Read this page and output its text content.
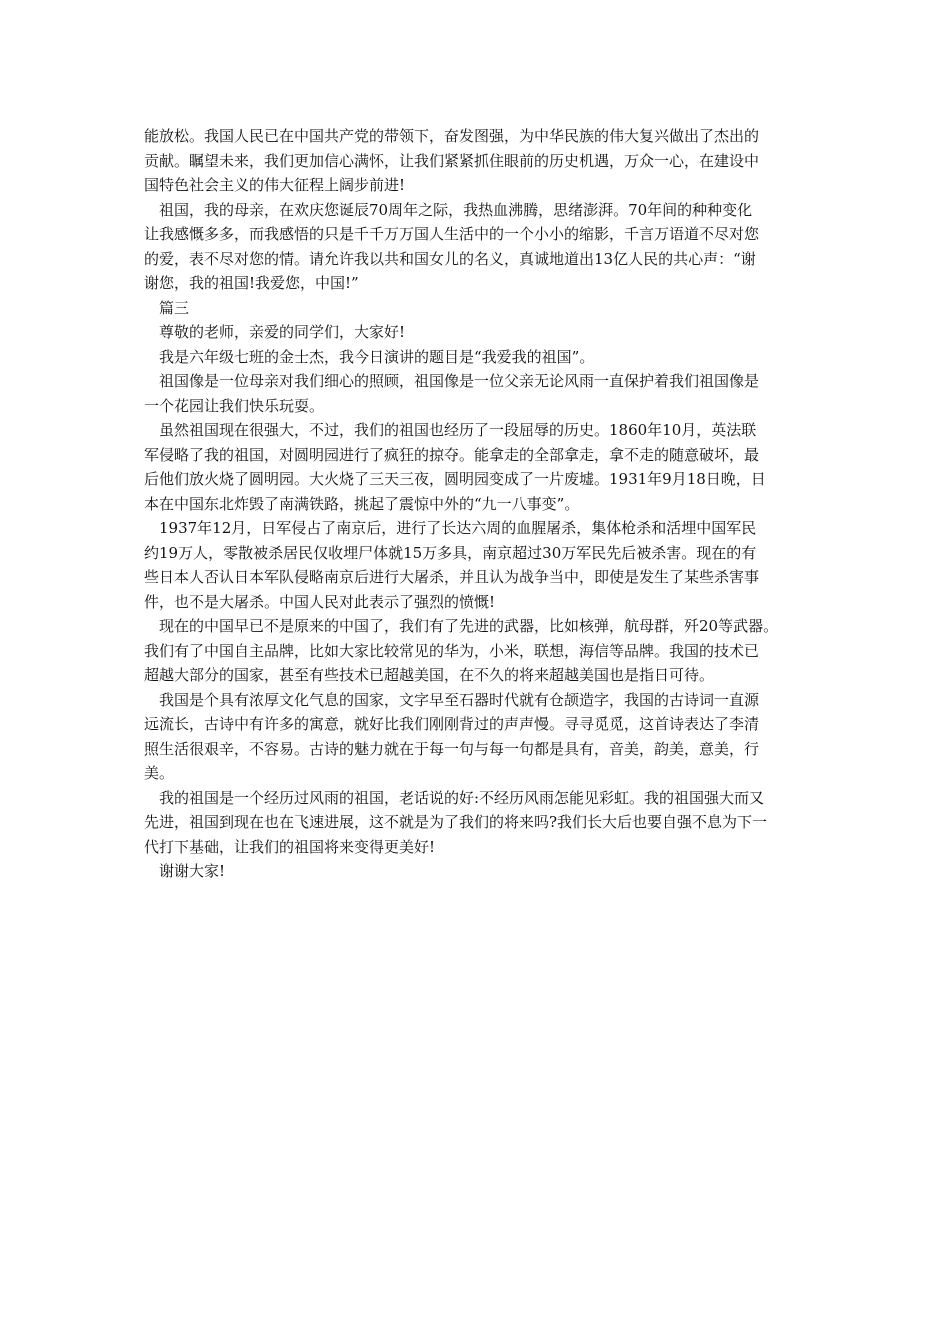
能放松。我国人民已在中国共产党的带领下，奋发图强，为中华民族的伟大复兴做出了杰出的
贡献。瞩望未来，我们更加信心满怀，让我们紧紧抓住眼前的历史机遇，万众一心，在建设中
国特色社会主义的伟大征程上阔步前进!
祖国，我的母亲，在欢庆您诞辰70周年之际，我热血沸腾，思绪澎湃。70年间的种种变化
让我感慨多多，而我感悟的只是千千万万国人生活中的一个小小的缩影，千言万语道不尽对您
的爱，表不尽对您的情。请允许我以共和国女儿的名义，真诚地道出13亿人民的共心声：“谢
谢您，我的祖国!我爱您，中国!”
篇三
尊敬的老师，亲爱的同学们，大家好!
我是六年级七班的金士杰，我今日演讲的题目是“我爱我的祖国”。
祖国像是一位母亲对我们细心的照顾，祖国像是一位父亲无论风雨一直保护着我们祖国像是
一个花园让我们快乐玩耍。
虽然祖国现在很强大，不过，我们的祖国也经历了一段屈辱的历史。1860年10月，英法联
军侵略了我的祖国，对圆明园进行了疯狂的掠夺。能拿走的全部拿走，拿不走的随意破坏，最
后他们放火烧了圆明园。大火烧了三天三夜，圆明园变成了一片废墟。1931年9月18日晚，日
本在中国东北炸毁了南满铁路，挑起了震惊中外的“九一八事变”。
1937年12月，日军侵占了南京后，进行了长达六周的血腥屠杀，集体枪杀和活埋中国军民
约19万人，零散被杀居民仅收埋尸体就15万多具，南京超过30万军民先后被杀害。现在的有
些日本人否认日本军队侵略南京后进行大屠杀，并且认为战争当中，即使是发生了某些杀害事
件，也不是大屠杀。中国人民对此表示了强烈的愤慨!
现在的中国早已不是原来的中国了，我们有了先进的武器，比如核弹，航母群，歼20等武器。
我们有了中国自主品牌，比如大家比较常见的华为，小米，联想，海信等品牌。我国的技术已
超越大部分的国家，甚至有些技术已超越美国，在不久的将来超越美国也是指日可待。
我国是个具有浓厚文化气息的国家，文字早至石器时代就有仓颉造字，我国的古诗词一直源
远流长，古诗中有许多的寓意，就好比我们刚刚背过的声声慢。寻寻觅觅，这首诗表达了李清
照生活很艰辛，不容易。古诗的魅力就在于每一句与每一句都是具有，音美，韵美，意美，行
美。
我的祖国是一个经历过风雨的祖国，老话说的好:不经历风雨怎能见彩虹。我的祖国强大而又
先进，祖国到现在也在飞速进展，这不就是为了我们的将来吗?我们长大后也要自强不息为下一
代打下基础，让我们的祖国将来变得更美好!
谢谢大家!
